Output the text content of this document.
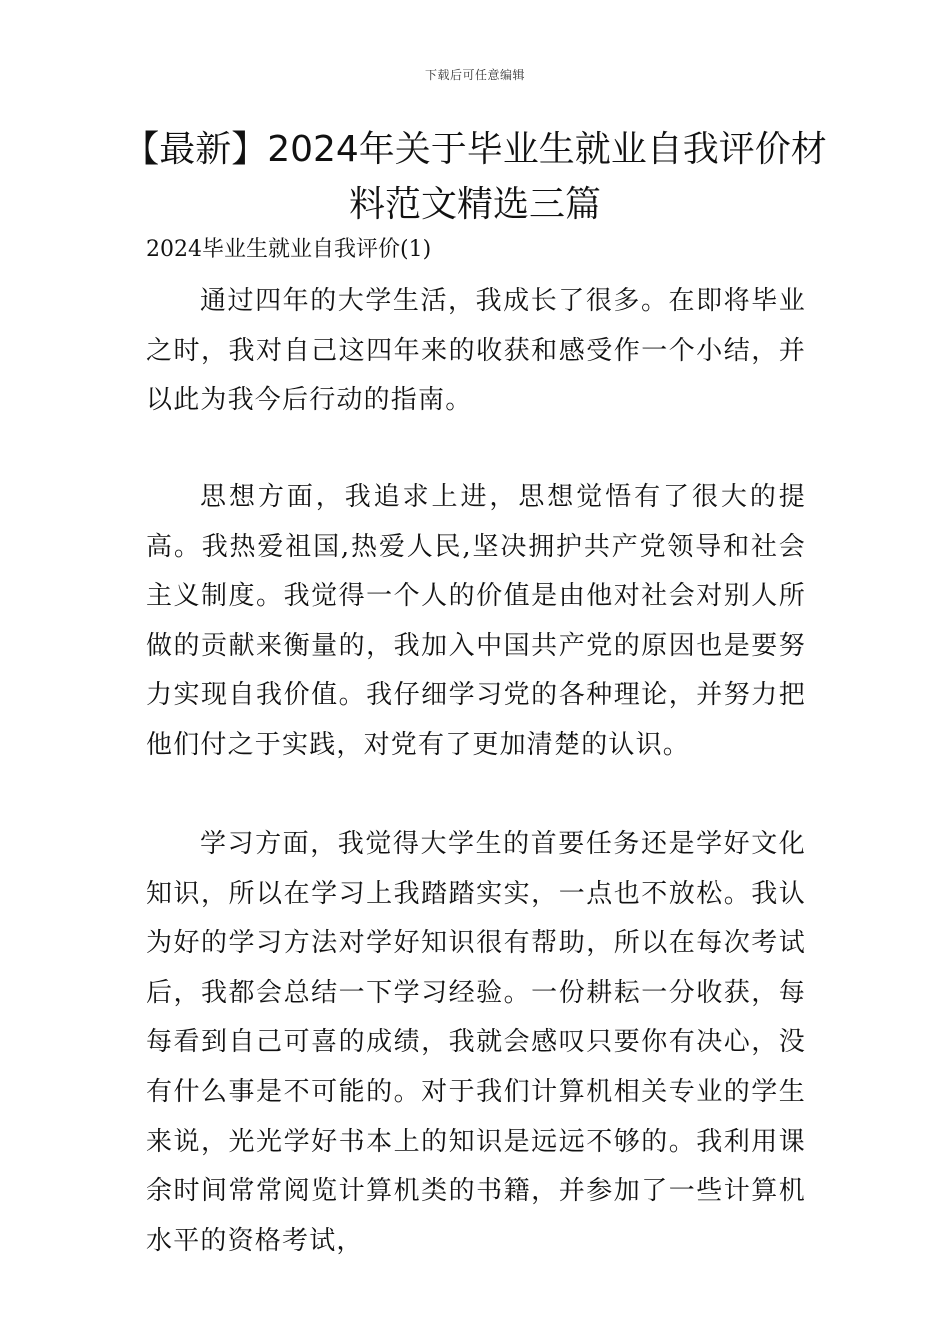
下载后可任意编辑
【最新】2024年关于毕业生就业自我评价材料范文精选三篇
2024毕业生就业自我评价(1)

通过四年的大学生活，我成长了很多。在即将毕业之时，我对自己这四年来的收获和感受作一个小结，并以此为我今后行动的指南。

思想方面，我追求上进，思想觉悟有了很大的提高。我热爱祖国,热爱人民,坚决拥护共产党领导和社会主义制度。我觉得一个人的价值是由他对社会对别人所做的贡献来衡量的，我加入中国共产党的原因也是要努力实现自我价值。我仔细学习党的各种理论，并努力把他们付之于实践，对党有了更加清楚的认识。

学习方面，我觉得大学生的首要任务还是学好文化知识，所以在学习上我踏踏实实，一点也不放松。我认为好的学习方法对学好知识很有帮助，所以在每次考试后，我都会总结一下学习经验。一份耕耘一分收获，每每看到自己可喜的成绩，我就会感叹只要你有决心，没有什么事是不可能的。对于我们计算机相关专业的学生来说，光光学好书本上的知识是远远不够的。我利用课余时间常常阅览计算机类的书籍，并参加了一些计算机水平的资格考试，
